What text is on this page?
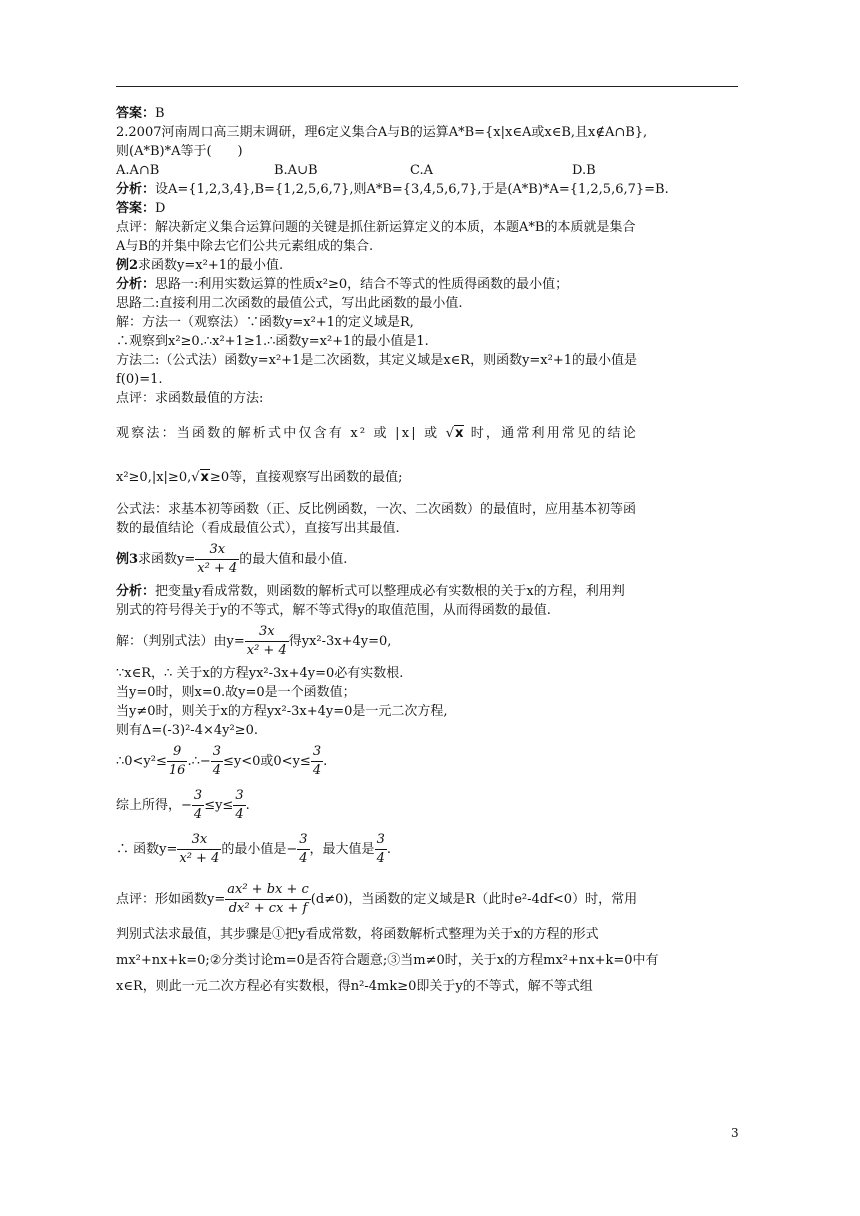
答案：B
2.2007河南周口高三期末调研，理6定义集合A与B的运算A*B={x|x∈A或x∈B,且x∉A∩B},
则(A*B)*A等于(　　)
A.A∩B	B.A∪B	C.A	D.B
分析：设A={1,2,3,4},B={1,2,5,6,7},则A*B={3,4,5,6,7},于是(A*B)*A={1,2,5,6,7}=B.
答案：D
点评：解决新定义集合运算问题的关键是抓住新运算定义的本质，本题A*B的本质就是集合
A与B的并集中除去它们公共元素组成的集合.
例2求函数y=x²+1的最小值.
分析：思路一:利用实数运算的性质x²≥0，结合不等式的性质得函数的最小值；
思路二:直接利用二次函数的最值公式，写出此函数的最小值.
解：方法一（观察法）∵函数y=x²+1的定义域是R,
∴观察到x²≥0.∴x²+1≥1.∴函数y=x²+1的最小值是1.
方法二:（公式法）函数y=x²+1是二次函数，其定义域是x∈R，则函数y=x²+1的最小值是
f(0)=1.
点评：求函数最值的方法:
观察法：当函数的解析式中仅含有 x² 或 |x| 或 √x 时，通常利用常见的结论
x²≥0,|x|≥0,√x≥0等，直接观察写出函数的最值;
公式法：求基本初等函数（正、反比例函数，一次、二次函数）的最值时，应用基本初等函
数的最值结论（看成最值公式），直接写出其最值.
例3求函数$y= \frac{3x}{\text{x² + 4}}$ 的最大值和最小值.
分析：把变量y看成常数，则函数的解析式可以整理成必有实数根的关于x的方程，利用判
别式的符号得关于y的不等式，解不等式得y的取值范围，从而得函数的最值.
解：（判别式法）由$y= \frac{3x}{\text{x² + 4}}$ 得yx²-3x+4y=0,
∵x∈R，∴ 关于x的方程yx²-3x+4y=0必有实数根.
当y=0时，则x=0.故y=0是一个函数值；
当y≠0时，则关于x的方程yx²-3x+4y=0是一元二次方程,
则有Δ=(-3)²-4×4y²≥0.
∴0<y²≤ $\frac{9}{16}$ .∴− $\frac{3}{4} \le y<0$或$0<y\le \frac{3}{4}$ .
综上所得，− $\frac{3}{4} \le y\le \frac{3}{4}$ .
∴ 函数$y= \frac{3x}{\text{x² + 4}}$ 的最小值是− $\frac{3}{4}$ ，最大值是 $\frac{3}{4}$ .
点评：形如函数$y= \frac{\text{ax² + bx + c}}{\text{dx² + cx + f}} (d\ne 0)$，当函数的定义域是R（此时e²-4df<0）时，常用
判别式法求最值，其步骤是①把y看成常数，将函数解析式整理为关于x的方程的形式
mx²+nx+k=0;②分类讨论m=0是否符合题意;③当m≠0时，关于x的方程mx²+nx+k=0中有
x∈R，则此一元二次方程必有实数根，得n²-4mk≥0即关于y的不等式，解不等式组
3
